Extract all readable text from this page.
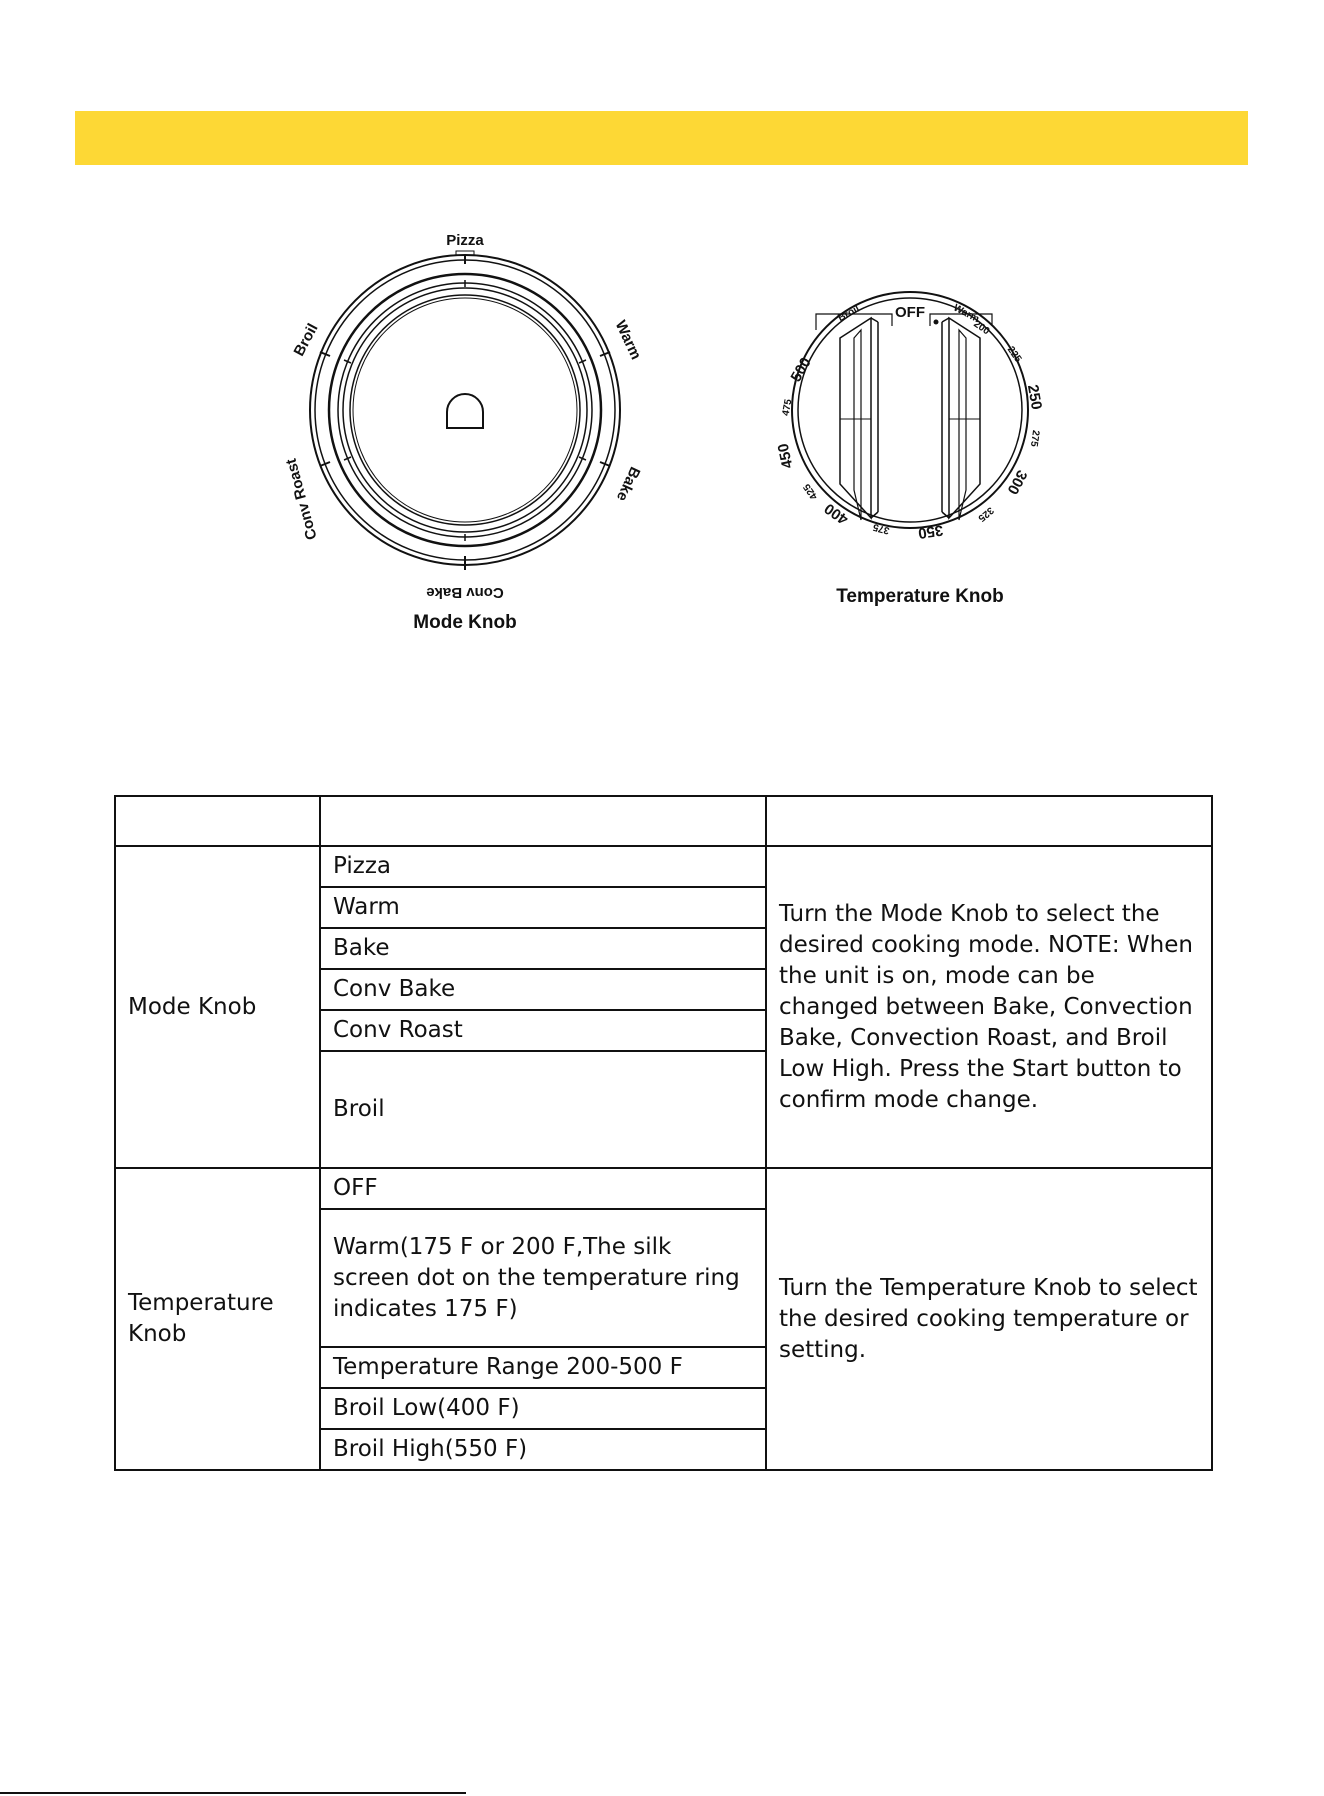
Pizza
Warm
Bake
Conv Bake
Conv Roast
Broil
Mode Knob
OFF
Broil	Warm
200
225
250
275
300
325
350
375
400
425
450
475
500
Temperature Knob

Mode Knob	Pizza	Turn the Mode Knob to select the desired cooking mode. NOTE: When the unit is on, mode can be changed between Bake, Convection Bake, Convection Roast, and Broil Low High. Press the Start button to confirm mode change.
	Warm	
	Bake	
	Conv Bake	
	Conv Roast	
	Broil	
Temperature Knob	OFF	Turn the Temperature Knob to select the desired cooking temperature or setting.
	Warm(175 F or 200 F,The silk screen dot on the temperature ring indicates 175 F)	
	Temperature Range 200-500 F	
	Broil Low(400 F)	
	Broil High(550 F)	
